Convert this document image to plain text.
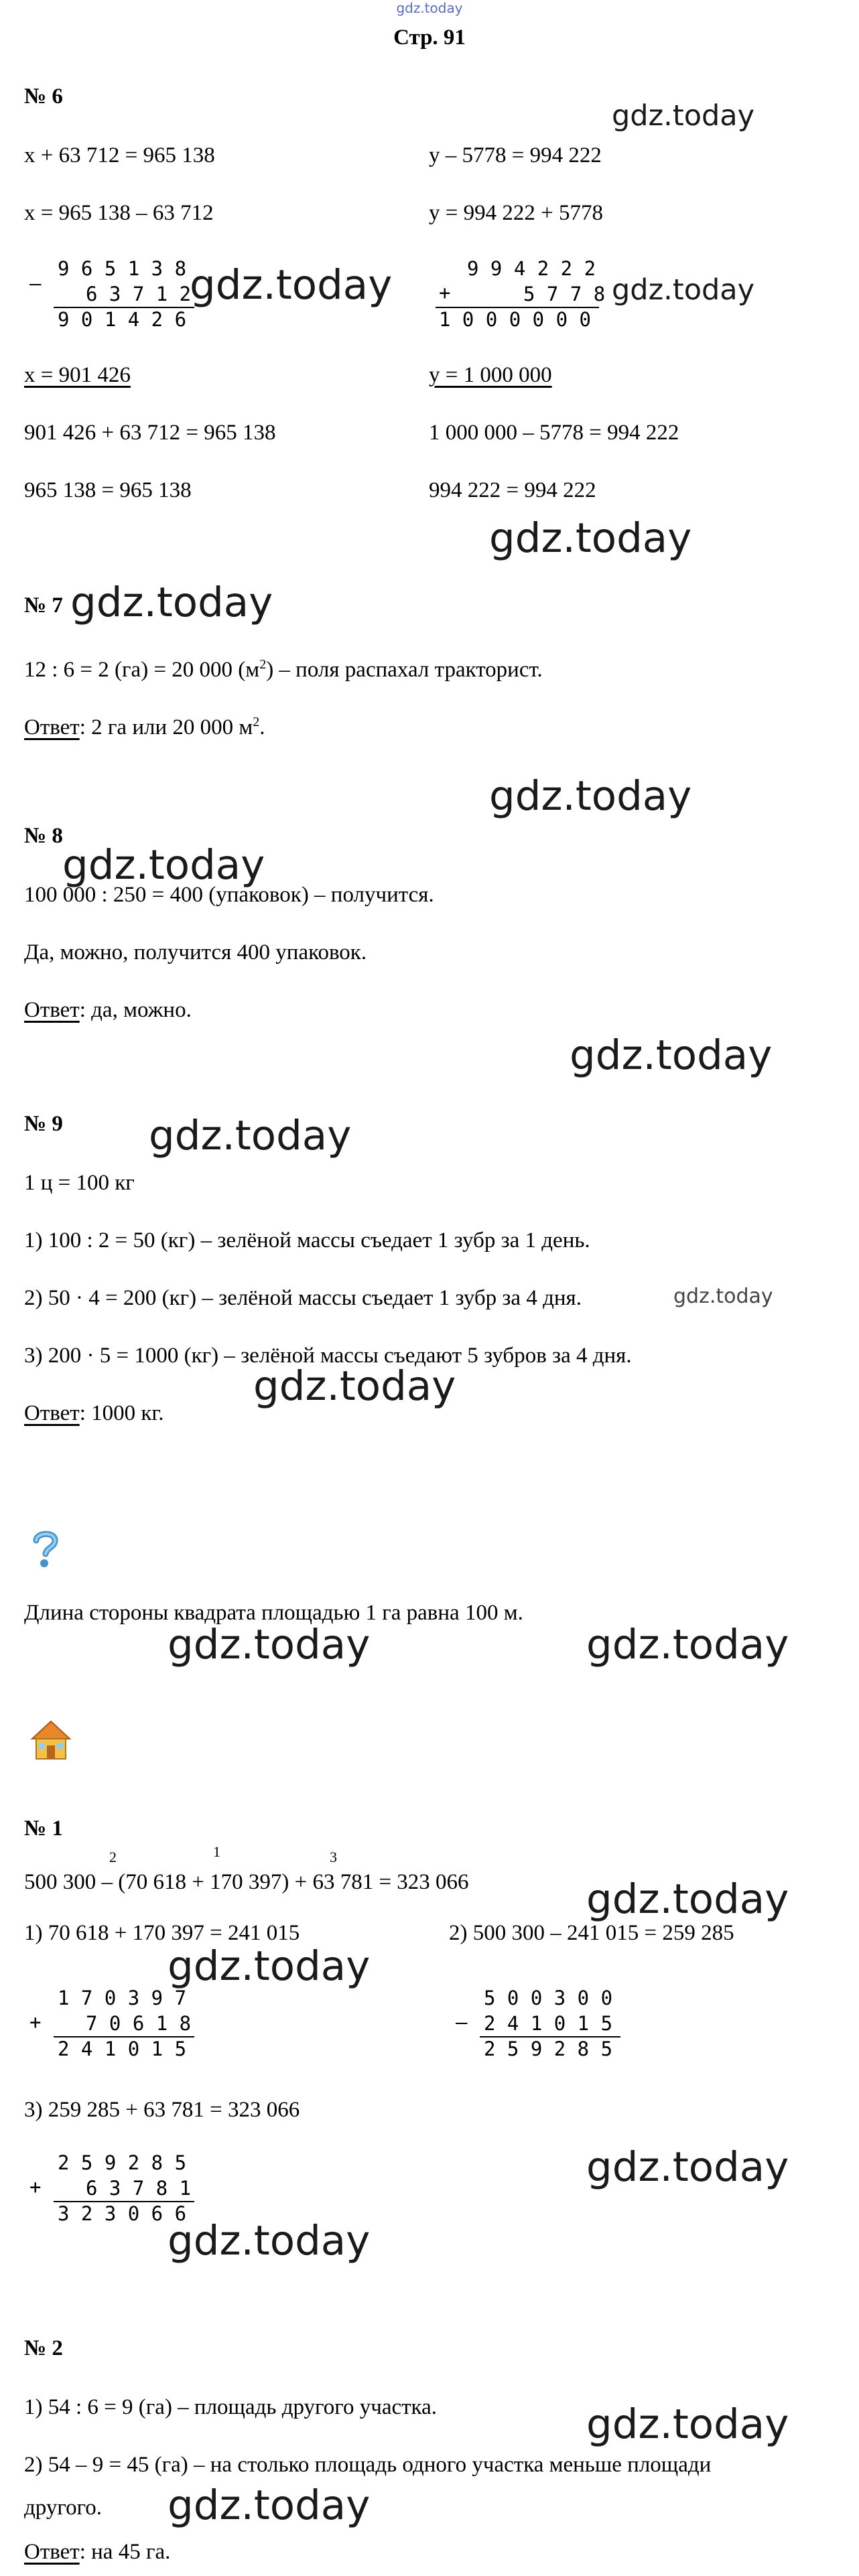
gdz.today
Стр. 91
№ 6
gdz.today
x + 63 712 = 965 138
x = 965 138 – 63 712
y – 5778 = 994 222
y = 994 222 + 5778
–
9 6 5 1 3 8
6 3 7 1 2
9 0 1 4 2 6
gdz.today +
9 9 4 2 2 2
5 7 7 8
1 0 0 0 0 0 0
gdz.today
x = 901 426	y = 1 000 000
901 426 + 63 712 = 965 138	1 000 000 – 5778 = 994 222
965 138 = 965 138	994 222 = 994 222
gdz.today
№ 7 gdz.today
12 : 6 = 2 (га) = 20 000 $(м^2)$ – поля распахал тракторист.
Ответ: 2 га или 20 000 $м^2$.
gdz.today
№ 8
gdz.today
100 000 : 250 = 400 (упаковок) – получится.
Да, можно, получится 400 упаковок.
Ответ: да, можно.
gdz.today
№ 9 gdz.today
1 ц = 100 кг
1) 100 : 2 = 50 (кг) – зелёной массы съедает 1 зубр за 1 день.
2) 50 · 4 = 200 (кг) – зелёной массы съедает 1 зубр за 4 дня.	gdz.today
3) 200 · 5 = 1000 (кг) – зелёной массы съедают 5 зубров за 4 дня.
gdz.today
Ответ: 1000 кг.
Длина стороны квадрата площадью 1 га равна 100 м.
gdz.today	gdz.today
№ 1
2	1	3
500 300 – (70 618 + 170 397) + 63 781 = 323 066	gdz.today
1) 70 618 + 170 397 = 241 015	2) 500 300 – 241 015 = 259 285
gdz.today
+
1 7 0 3 9 7
7 0 6 1 8
2 4 1 0 1 5
–
5 0 0 3 0 0
2 4 1 0 1 5
2 5 9 2 8 5
3) 259 285 + 63 781 = 323 066
+
2 5 9 2 8 5
6 3 7 8 1
3 2 3 0 6 6
gdz.today
gdz.today
№ 2
1) 54 : 6 = 9 (га) – площадь другого участка.	gdz.today
2) 54 – 9 = 45 (га) – на столько площадь одного участка меньше площади
другого. gdz.today
Ответ: на 45 га.
